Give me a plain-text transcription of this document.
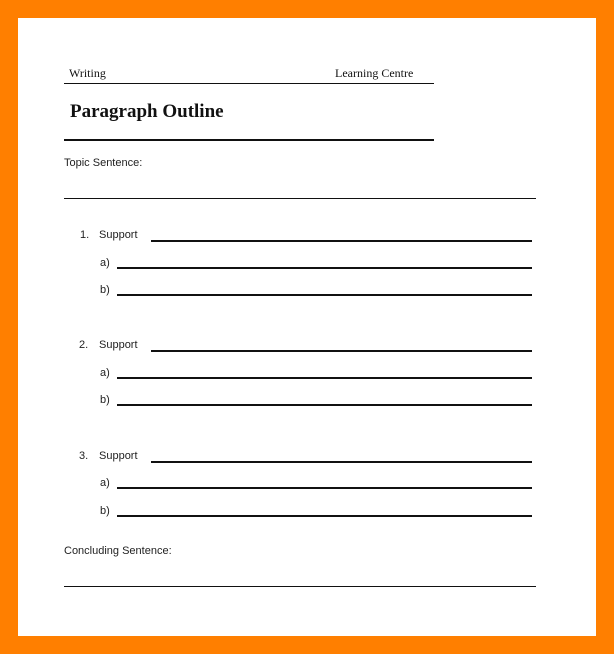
Writing	Learning Centre
Paragraph Outline
Topic Sentence:
1. Support
a)
b)
2. Support
a)
b)
3. Support
a)
b)
Concluding Sentence:
